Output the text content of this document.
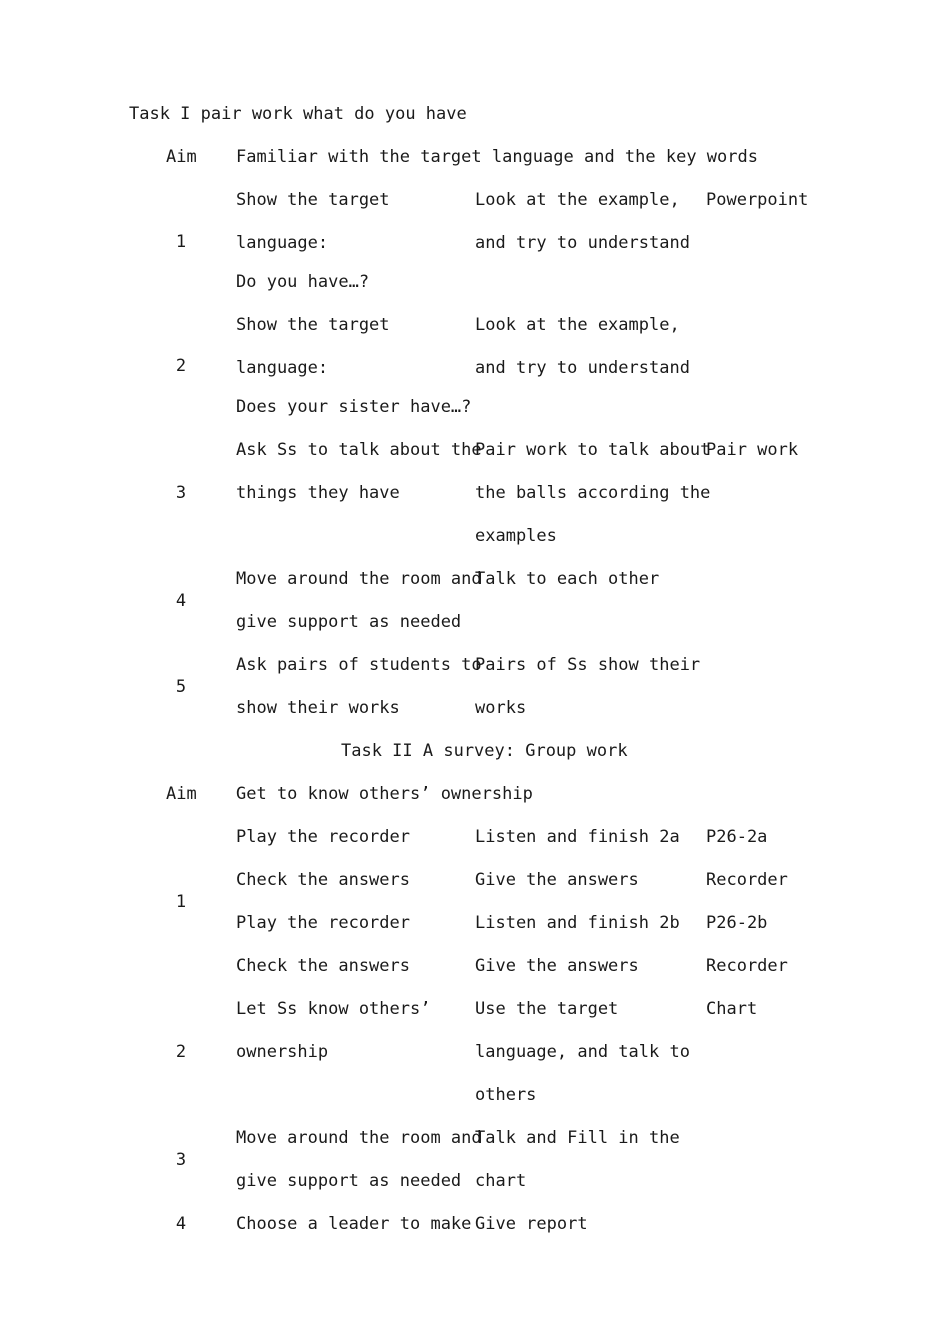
Task I pair work what do you have
Aim Familiar with the target language and the key words
1
Show the target
language:
Do you have…?
Look at the example,
and try to understand
Powerpoint
2
Show the target
language:
Does your sister have…?
Look at the example,
and try to understand
3
Ask Ss to talk about the
things they have
Pair work to talk about
the balls according the
examples
Pair work
4
Move around the room and
give support as needed
Talk to each other
5
Ask pairs of students to
show their works
Pairs of Ss show their
works
Task II A survey: Group work
Aim Get to know others’ ownership
1
Play the recorder
Check the answers
Play the recorder
Check the answers
Listen and finish 2a
Give the answers
Listen and finish 2b
Give the answers
P26-2a
Recorder
P26-2b
Recorder
2
Let Ss know others’
ownership
Use the target
language, and talk to
others
Chart
3
Move around the room and
give support as needed
Talk and Fill in the
chart
4	Choose a leader to make Give report
